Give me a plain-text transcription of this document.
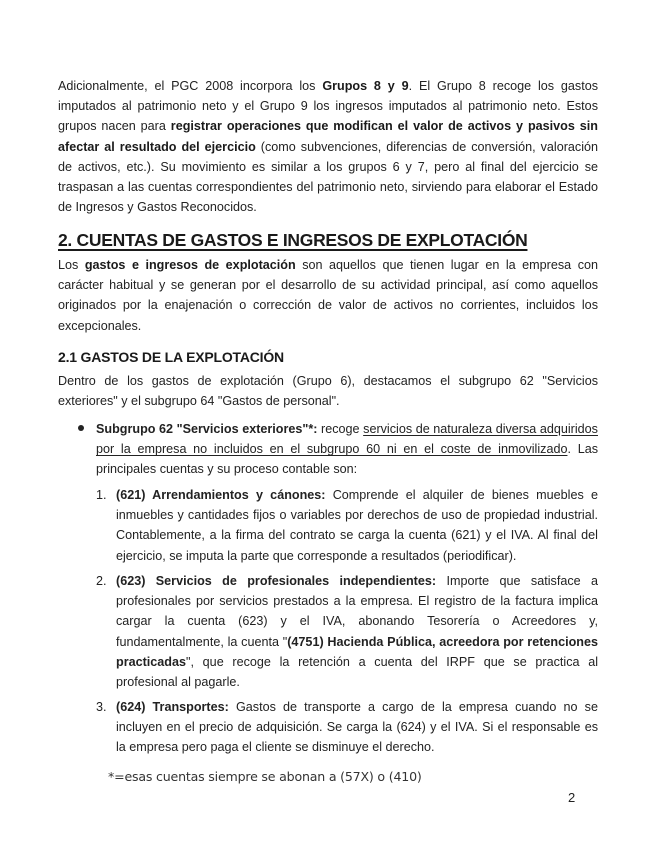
Adicionalmente, el PGC 2008 incorpora los Grupos 8 y 9. El Grupo 8 recoge los gastos imputados al patrimonio neto y el Grupo 9 los ingresos imputados al patrimonio neto. Estos grupos nacen para registrar operaciones que modifican el valor de activos y pasivos sin afectar al resultado del ejercicio (como subvenciones, diferencias de conversión, valoración de activos, etc.). Su movimiento es similar a los grupos 6 y 7, pero al final del ejercicio se traspasan a las cuentas correspondientes del patrimonio neto, sirviendo para elaborar el Estado de Ingresos y Gastos Reconocidos.

2. CUENTAS DE GASTOS E INGRESOS DE EXPLOTACIÓN

Los gastos e ingresos de explotación son aquellos que tienen lugar en la empresa con carácter habitual y se generan por el desarrollo de su actividad principal, así como aquellos originados por la enajenación o corrección de valor de activos no corrientes, incluidos los excepcionales.

2.1 GASTOS DE LA EXPLOTACIÓN

Dentro de los gastos de explotación (Grupo 6), destacamos el subgrupo 62 "Servicios exteriores" y el subgrupo 64 "Gastos de personal".

Subgrupo 62 "Servicios exteriores"*: recoge servicios de naturaleza diversa adquiridos por la empresa no incluidos en el subgrupo 60 ni en el coste de inmovilizado. Las principales cuentas y su proceso contable son:

1. (621) Arrendamientos y cánones: Comprende el alquiler de bienes muebles e inmuebles y cantidades fijos o variables por derechos de uso de propiedad industrial. Contablemente, a la firma del contrato se carga la cuenta (621) y el IVA. Al final del ejercicio, se imputa la parte que corresponde a resultados (periodificar).

2. (623) Servicios de profesionales independientes: Importe que satisface a profesionales por servicios prestados a la empresa. El registro de la factura implica cargar la cuenta (623) y el IVA, abonando Tesorería o Acreedores y, fundamentalmente, la cuenta "(4751) Hacienda Pública, acreedora por retenciones practicadas", que recoge la retención a cuenta del IRPF que se practica al profesional al pagarle.

3. (624) Transportes: Gastos de transporte a cargo de la empresa cuando no se incluyen en el precio de adquisición. Se carga la (624) y el IVA. Si el responsable es la empresa pero paga el cliente se disminuye el derecho.

*=esas cuentas siempre se abonan a (57X) o (410)

2
